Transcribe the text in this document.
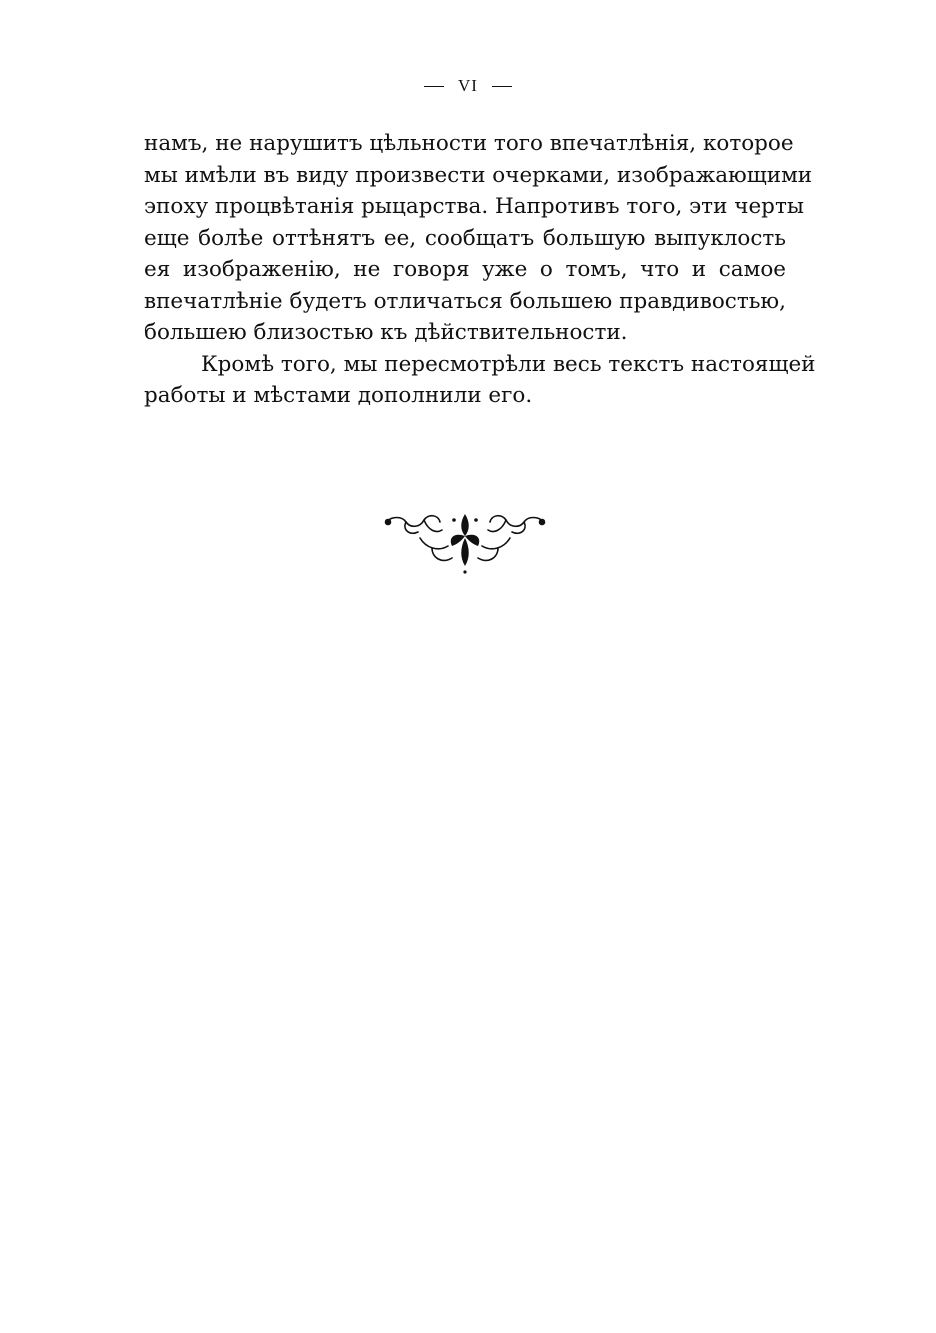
VI
намъ, не нарушитъ цѣльности того впечатлѣнія, которое
мы имѣли въ виду произвести очерками, изображающими
эпоху процвѣтанія рыцарства. Напротивъ того, эти черты
еще болѣе оттѣнятъ ее, сообщатъ большую выпуклость
ея изображенію, не говоря уже о томъ, что и самое
впечатлѣніе будетъ отличаться большею правдивостью,
большею близостью къ дѣйствительности.
Кромѣ того, мы пересмотрѣли весь текстъ настоящей
работы и мѣстами дополнили его.
